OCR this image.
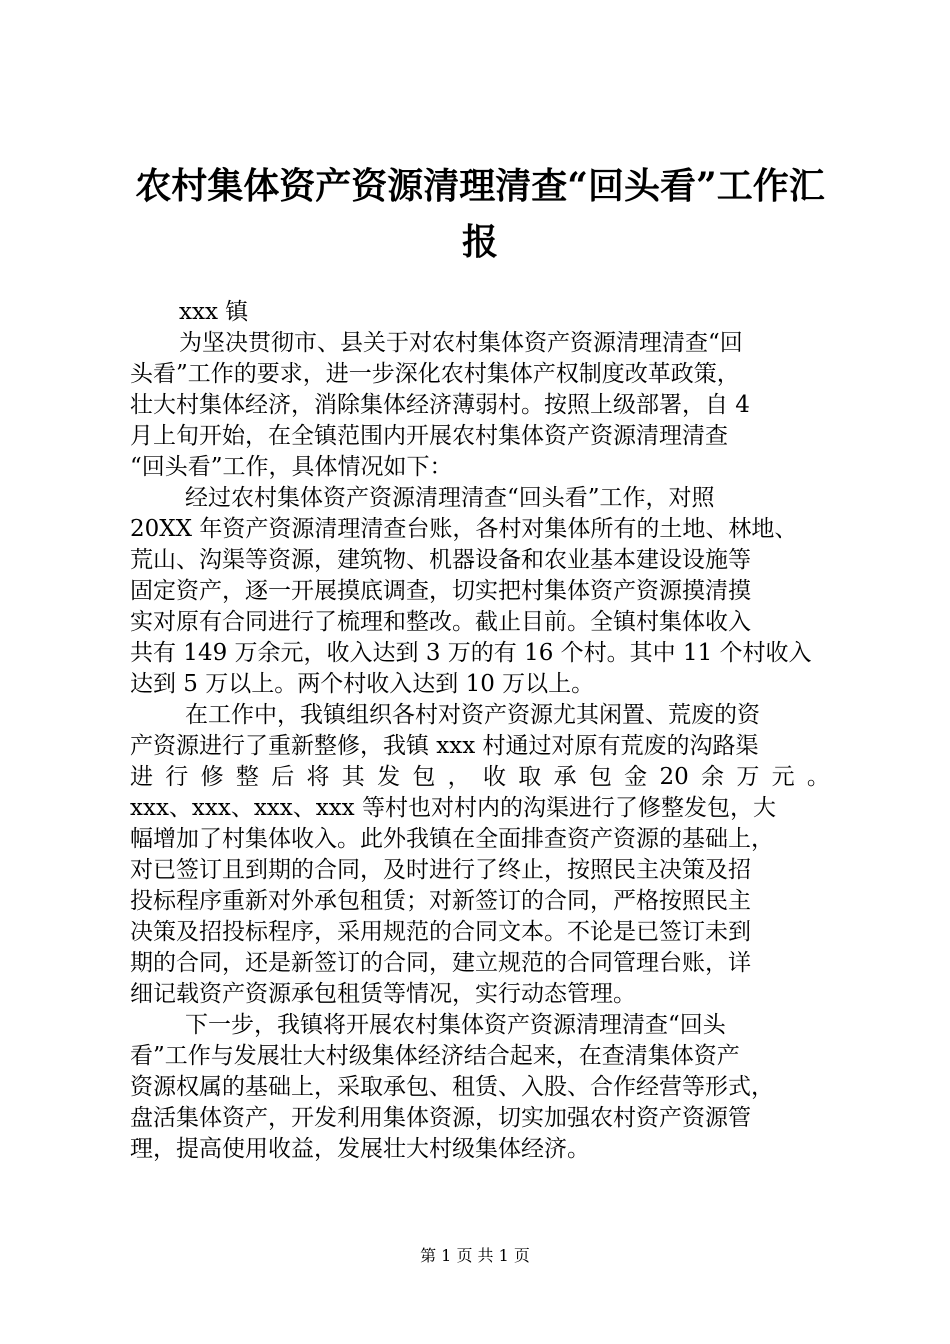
农村集体资产资源清理清查“回头看”工作汇
报
xxx 镇
为坚决贯彻市、县关于对农村集体资产资源清理清查“回
头看”工作的要求，进一步深化农村集体产权制度改革政策，
壮大村集体经济，消除集体经济薄弱村。按照上级部署，自 4
月上旬开始，在全镇范围内开展农村集体资产资源清理清查
“回头看”工作，具体情况如下：
经过农村集体资产资源清理清查“回头看”工作，对照
20XX 年资产资源清理清查台账，各村对集体所有的土地、林地、
荒山、沟渠等资源，建筑物、机器设备和农业基本建设设施等
固定资产，逐一开展摸底调查，切实把村集体资产资源摸清摸
实对原有合同进行了梳理和整改。截止目前。全镇村集体收入
共有 149 万余元，收入达到 3 万的有 16 个村。其中 11 个村收入
达到 5 万以上。两个村收入达到 10 万以上。
在工作中，我镇组织各村对资产资源尤其闲置、荒废的资
产资源进行了重新整修，我镇 xxx 村通过对原有荒废的沟路渠
进 行 修 整 后 将 其 发 包 ， 收 取 承 包 金 20 余 万 元 。
xxx、xxx、xxx、xxx 等村也对村内的沟渠进行了修整发包，大
幅增加了村集体收入。此外我镇在全面排查资产资源的基础上，
对已签订且到期的合同，及时进行了终止，按照民主决策及招
投标程序重新对外承包租赁；对新签订的合同，严格按照民主
决策及招投标程序，采用规范的合同文本。不论是已签订未到
期的合同，还是新签订的合同，建立规范的合同管理台账，详
细记载资产资源承包租赁等情况，实行动态管理。
下一步，我镇将开展农村集体资产资源清理清查“回头
看”工作与发展壮大村级集体经济结合起来，在查清集体资产
资源权属的基础上，采取承包、租赁、入股、合作经营等形式，
盘活集体资产，开发利用集体资源，切实加强农村资产资源管
理，提高使用收益，发展壮大村级集体经济。
第 1 页 共 1 页
